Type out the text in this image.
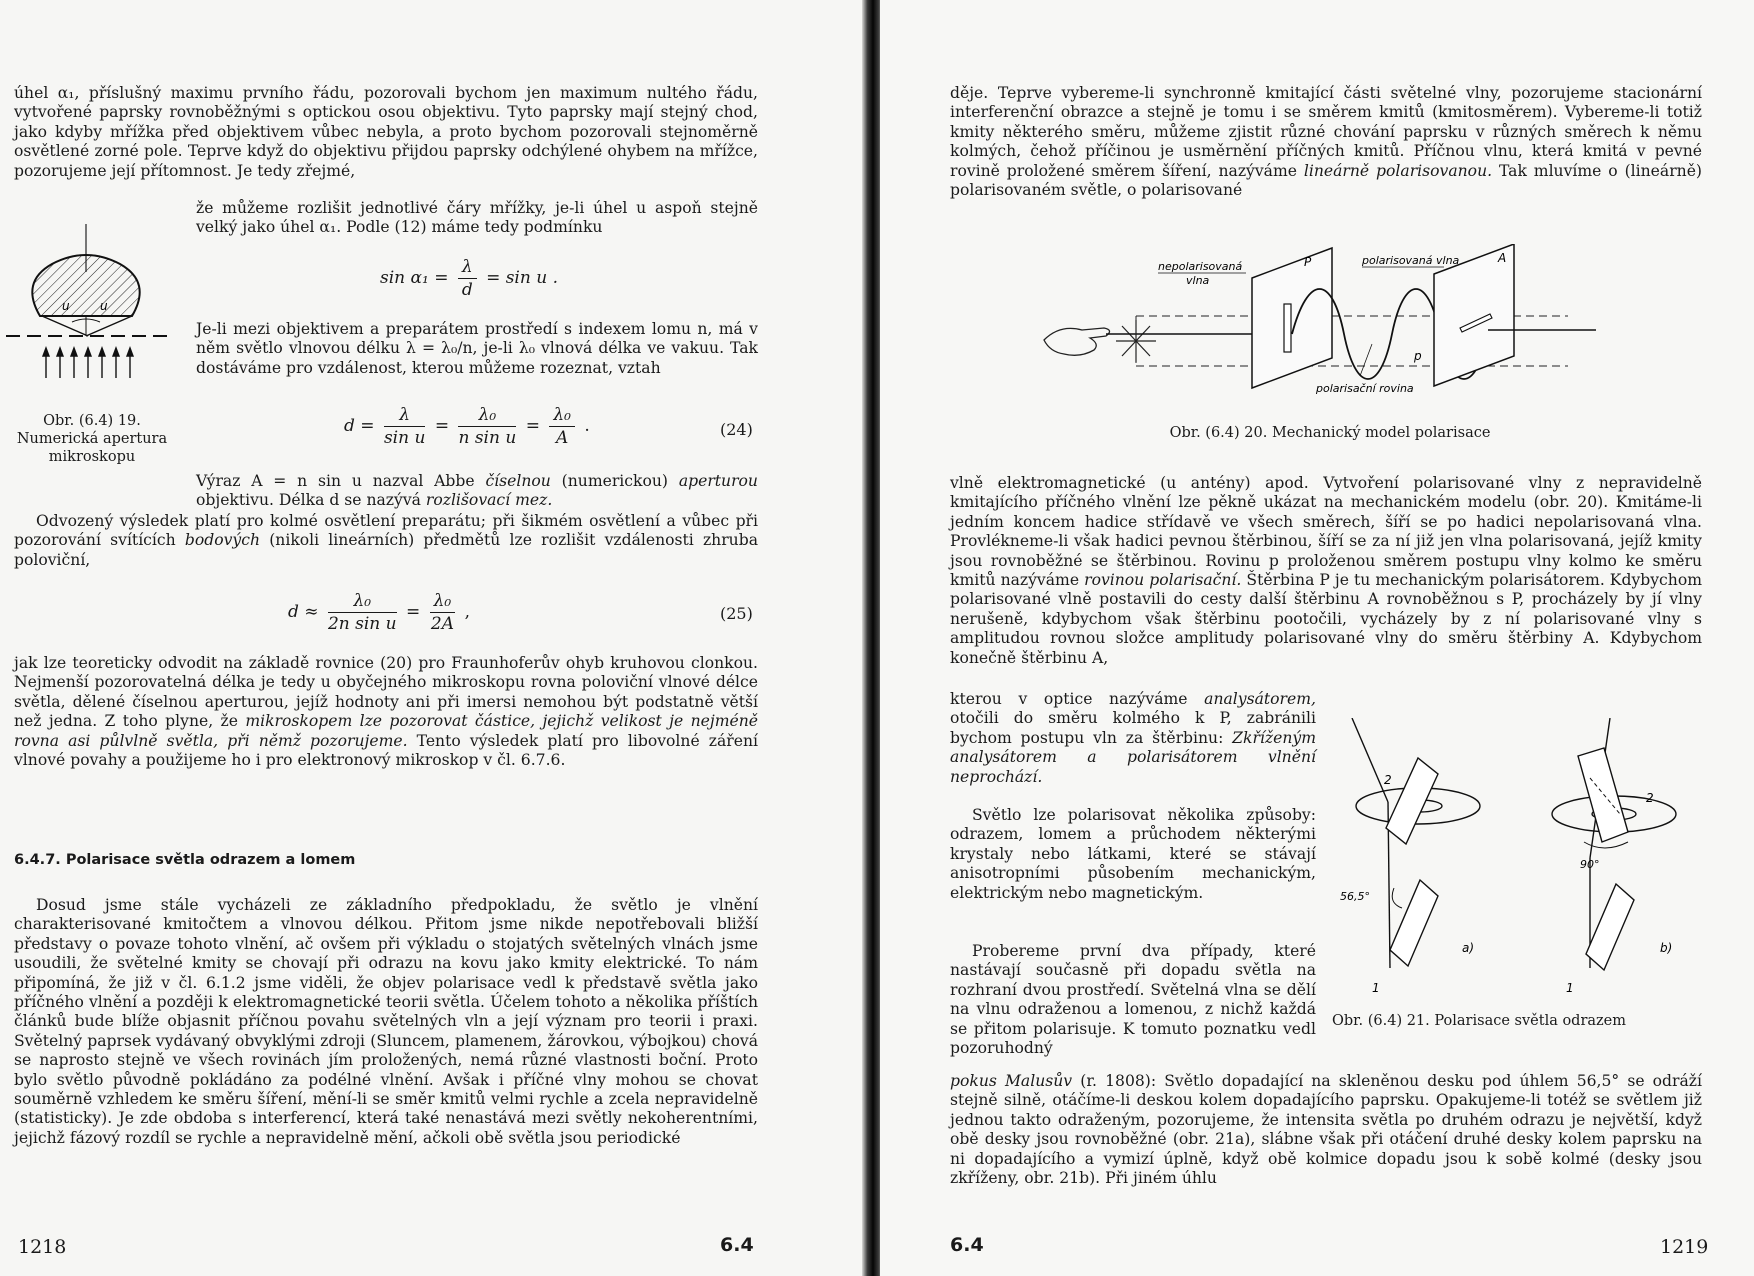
úhel α₁, příslušný maximu prvního řádu, pozorovali bychom jen maximum nultého řádu, vytvořené paprsky rovnoběžnými s optickou osou objektivu. Tyto paprsky mají stejný chod, jako kdyby mřížka před objektivem vůbec nebyla, a proto bychom pozorovali stejnoměrně osvětlené zorné pole. Teprve když do objektivu přijdou paprsky odchýlené ohybem na mřížce, pozorujeme její přítomnost. Je tedy zřejmé,

že můžeme rozlišit jednotlivé čáry mřížky, je-li úhel u aspoň stejně velký jako úhel α₁. Podle (12) máme tedy podmínku

$\sin \alpha_1 = \frac{\lambda}{d} = \sin u$ .
u	u
Obr. (6.4) 19. Numerická apertura mikroskopu

Je-li mezi objektivem a preparátem prostředí s indexem lomu n, má v něm světlo vlnovou délku λ = λ₀/n, je-li λ₀ vlnová délka ve vakuu. Tak dostáváme pro vzdálenost, kterou můžeme rozeznat, vztah

$d = \frac{\lambda}{\text{sin u}} = \frac{\text{λ₀}}{\text{n sin u}} = \frac{\text{λ₀}}{A}$ .	(24)

Výraz A = n sin u nazval Abbe číselnou (numerickou) aperturou objektivu. Délka d se nazývá rozlišovací mez.

Odvozený výsledek platí pro kolmé osvětlení preparátu; při šikmém osvětlení a vůbec při pozorování svítících bodových (nikoli lineárních) předmětů lze rozlišit vzdálenosti zhruba poloviční,

$d \approx \frac{\text{λ₀}}{\text{2n sin u}} = \frac{\text{λ₀}}{2A}$ ,	(25)

jak lze teoreticky odvodit na základě rovnice (20) pro Fraunhoferův ohyb kruhovou clonkou. Nejmenší pozorovatelná délka je tedy u obyčejného mikroskopu rovna poloviční vlnové délce světla, dělené číselnou aperturou, jejíž hodnoty ani při imersi nemohou být podstatně větší než jedna. Z toho plyne, že mikroskopem lze pozorovat částice, jejichž velikost je nejméně rovna asi půlvlně světla, při němž pozorujeme. Tento výsledek platí pro libovolné záření vlnové povahy a použijeme ho i pro elektronový mikroskop v čl. 6.7.6.

6.4.7. Polarisace světla odrazem a lomem

Dosud jsme stále vycházeli ze základního předpokladu, že světlo je vlnění charakterisované kmitočtem a vlnovou délkou. Přitom jsme nikde nepotřebovali bližší představy o povaze tohoto vlnění, ač ovšem při výkladu o stojatých světelných vlnách jsme usoudili, že světelné kmity se chovají při odrazu na kovu jako kmity elektrické. To nám připomíná, že již v čl. 6.1.2 jsme viděli, že objev polarisace vedl k představě světla jako příčného vlnění a později k elektromagnetické teorii světla. Účelem tohoto a několika příštích článků bude blíže objasnit příčnou povahu světelných vln a její význam pro teorii i praxi. Světelný paprsek vydávaný obvyklými zdroji (Sluncem, plamenem, žárovkou, výbojkou) chová se naprosto stejně ve všech rovinách jím proložených, nemá různé vlastnosti boční. Proto bylo světlo původně pokládáno za podélné vlnění. Avšak i příčné vlny mohou se chovat souměrně vzhledem ke směru šíření, mění-li se směr kmitů velmi rychle a zcela nepravidelně (statisticky). Je zde obdoba s interferencí, která také nenastává mezi světly nekoherentními, jejichž fázový rozdíl se rychle a nepravidelně mění, ačkoli obě světla jsou periodické

1218	6.4

děje. Teprve vybereme-li synchronně kmitající části světelné vlny, pozorujeme stacionární interferenční obrazce a stejně je tomu i se směrem kmitů (kmitosměrem). Vybereme-li totiž kmity některého směru, můžeme zjistit různé chování paprsku v různých směrech k němu kolmých, čehož příčinou je usměrnění příčných kmitů. Příčnou vlnu, která kmitá v pevné rovině proložené směrem šíření, nazýváme lineárně polarisovanou. Tak mluvíme o (lineárně) polarisovaném světle, o polarisované

nepolarisovaná
vlna
polarisovaná vlna
P	A
p
polarisační rovina
Obr. (6.4) 20. Mechanický model polarisace

vlně elektromagnetické (u antény) apod. Vytvoření polarisované vlny z nepravidelně kmitajícího příčného vlnění lze pěkně ukázat na mechanickém modelu (obr. 20). Kmitáme-li jedním koncem hadice střídavě ve všech směrech, šíří se po hadici nepolarisovaná vlna. Provlékneme-li však hadici pevnou štěrbinou, šíří se za ní již jen vlna polarisovaná, jejíž kmity jsou rovnoběžné se štěrbinou. Rovinu p proloženou směrem postupu vlny kolmo ke směru kmitů nazýváme rovinou polarisační. Štěrbina P je tu mechanickým polarisátorem. Kdybychom polarisované vlně postavili do cesty další štěrbinu A rovnoběžnou s P, procházely by jí vlny nerušeně, kdybychom však štěrbinu pootočili, vycházely by z ní polarisované vlny s amplitudou rovnou složce amplitudy polarisované vlny do směru štěrbiny A. Kdybychom konečně štěrbinu A,

kterou v optice nazýváme analysátorem, otočili do směru kolmého k P, zabránili bychom postupu vln za štěrbinu: Zkříženým analysátorem a polarisátorem vlnění neprochází.

Světlo lze polarisovat několika způsoby: odrazem, lomem a průchodem některými krystaly nebo látkami, které se stávají anisotropními působením mechanickým, elektrickým nebo magnetickým.

Probereme první dva případy, které nastávají současně při dopadu světla na rozhraní dvou prostředí. Světelná vlna se dělí na vlnu odraženou a lomenou, z nichž každá se přitom polarisuje. K tomuto poznatku vedl pozoruhodný

2
56,5°
1
a)
2
90°
1
b)
Obr. (6.4) 21. Polarisace světla odrazem

pokus Malusův (r. 1808): Světlo dopadající na skleněnou desku pod úhlem 56,5° se odráží stejně silně, otáčíme-li deskou kolem dopadajícího paprsku. Opakujeme-li totéž se světlem již jednou takto odraženým, pozorujeme, že intensita světla po druhém odrazu je největší, když obě desky jsou rovnoběžné (obr. 21a), slábne však při otáčení druhé desky kolem paprsku na ni dopadajícího a vymizí úplně, když obě kolmice dopadu jsou k sobě kolmé (desky jsou zkříženy, obr. 21b). Při jiném úhlu

6.4	1219
